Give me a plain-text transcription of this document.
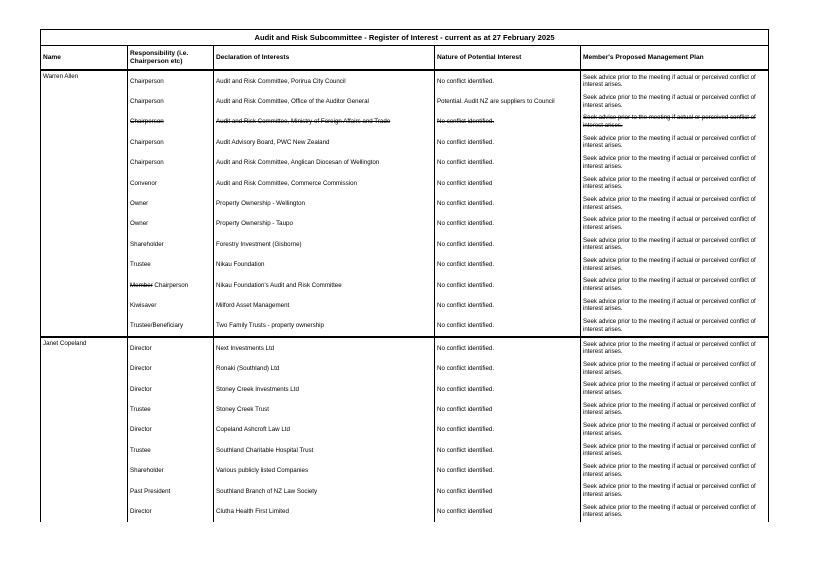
Audit and Risk Subcommittee - Register of Interest - current as at 27 February 2025				
Name	Responsibility (i.e. Chairperson etc)	Declaration of Interests	Nature of Potential Interest	Member's Proposed Management Plan
Warren Allen	Chairperson	Audit and Risk Committee, Porirua City Council	No conflict identified.	Seek advice prior to the meeting if actual or perceived conflict of interest arises.
	Chairperson	Audit and Risk Committee, Office of the Auditor General	Potential. Audit NZ are suppliers to Council	Seek advice prior to the meeting if actual or perceived conflict of interest arises.
	Chairperson	Audit and Risk Committee, Ministry of Foreign Affairs and Trade	No conflict identified.	Seek advice prior to the meeting if actual or perceived conflict of interest arises.
	Chairperson	Audit Advisory Board, PWC New Zealand	No conflict identified.	Seek advice prior to the meeting if actual or perceived conflict of interest arises.
	Chairperson	Audit and Risk Committee, Anglican Diocesan of Wellington	No conflict identified.	Seek advice prior to the meeting if actual or perceived conflict of interest arises.
	Convenor	Audit and Risk Committee, Commerce Commission	No conflict identified	Seek advice prior to the meeting if actual or perceived conflict of interest arises.
	Owner	Property Ownership - Wellington	No conflict identified.	Seek advice prior to the meeting if actual or perceived conflict of interest arises.
	Owner	Property Ownership - Taupo	No conflict identified.	Seek advice prior to the meeting if actual or perceived conflict of interest arises.
	Shareholder	Forestry Investment (Gisborne)	No conflict identified.	Seek advice prior to the meeting if actual or perceived conflict of interest arises.
	Trustee	Nikau Foundation	No conflict identified.	Seek advice prior to the meeting if actual or perceived conflict of interest arises.
	Member Chairperson	Nikau Foundation's Audit and Risk Committee	No conflict identified.	Seek advice prior to the meeting if actual or perceived conflict of interest arises.
	Kiwisaver	Milford Asset Management	No conflict identified.	Seek advice prior to the meeting if actual or perceived conflict of interest arises.
	Trustee/Beneficiary	Two Family Trusts - property ownership	No conflict identified.	Seek advice prior to the meeting if actual or perceived conflict of interest arises.
Janet Copeland	Director	Next Investments Ltd	No conflict identified.	Seek advice prior to the meeting if actual or perceived conflict of interest arises.
	Director	Ronaki (Southland) Ltd	No conflict identified.	Seek advice prior to the meeting if actual or perceived conflict of interest arises.
	Director	Stoney Creek Investments Ltd	No conflict identified.	Seek advice prior to the meeting if actual or perceived conflict of interest arises.
	Trustee	Stoney Creek Trust	No conflict identified	Seek advice prior to the meeting if actual or perceived conflict of interest arises.
	Director	Copeland Ashcroft Law Ltd	No conflict identified.	Seek advice prior to the meeting if actual or perceived conflict of interest arises.
	Trustee	Southland Charitable Hospital Trust	No conflict identified.	Seek advice prior to the meeting if actual or perceived conflict of interest arises.
	Shareholder	Various publicly listed Companies	No conflict identified.	Seek advice prior to the meeting if actual or perceived conflict of interest arises.
	Past President	Southland Branch of NZ Law Society	No conflict identified	Seek advice prior to the meeting if actual or perceived conflict of interest arises.
	Director	Clutha Health First Limited	No conflict identified	Seek advice prior to the meeting if actual or perceived conflict of interest arises.
